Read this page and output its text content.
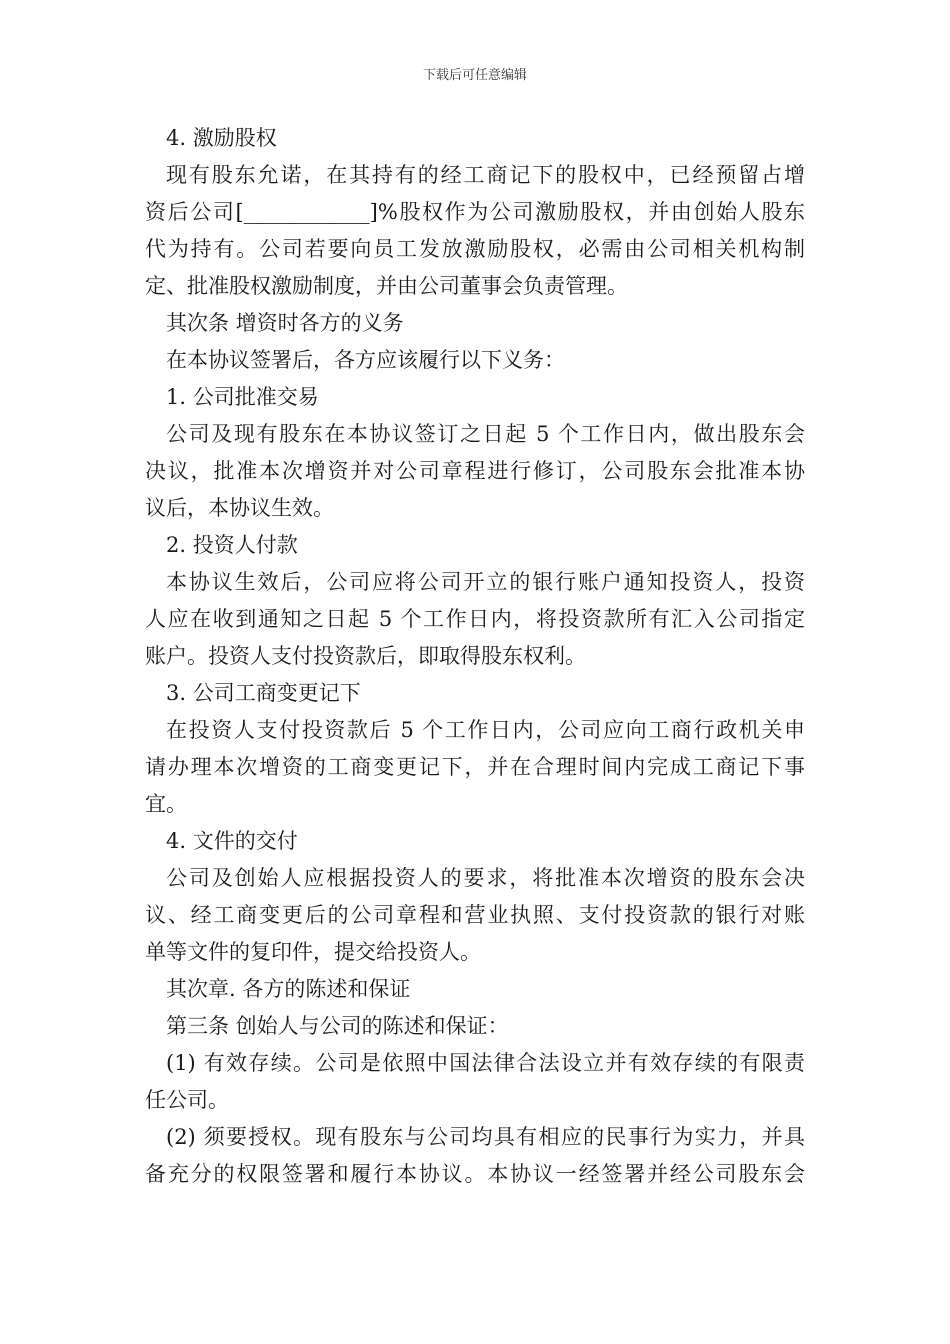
下载后可任意编辑
4. 激励股权
现有股东允诺，在其持有的经工商记下的股权中，已经预留占增
资后公司[____________]%股权作为公司激励股权，并由创始人股东
代为持有。公司若要向员工发放激励股权，必需由公司相关机构制
定、批准股权激励制度，并由公司董事会负责管理。
其次条 增资时各方的义务
在本协议签署后，各方应该履行以下义务：
1. 公司批准交易
公司及现有股东在本协议签订之日起 5 个工作日内，做出股东会
决议，批准本次增资并对公司章程进行修订，公司股东会批准本协
议后，本协议生效。
2. 投资人付款
本协议生效后，公司应将公司开立的银行账户通知投资人，投资
人应在收到通知之日起 5 个工作日内，将投资款所有汇入公司指定
账户。投资人支付投资款后，即取得股东权利。
3. 公司工商变更记下
在投资人支付投资款后 5 个工作日内，公司应向工商行政机关申
请办理本次增资的工商变更记下，并在合理时间内完成工商记下事
宜。
4. 文件的交付
公司及创始人应根据投资人的要求，将批准本次增资的股东会决
议、经工商变更后的公司章程和营业执照、支付投资款的银行对账
单等文件的复印件，提交给投资人。
其次章. 各方的陈述和保证
第三条 创始人与公司的陈述和保证：
(1) 有效存续。公司是依照中国法律合法设立并有效存续的有限责
任公司。
(2) 须要授权。现有股东与公司均具有相应的民事行为实力，并具
备充分的权限签署和履行本协议。本协议一经签署并经公司股东会
